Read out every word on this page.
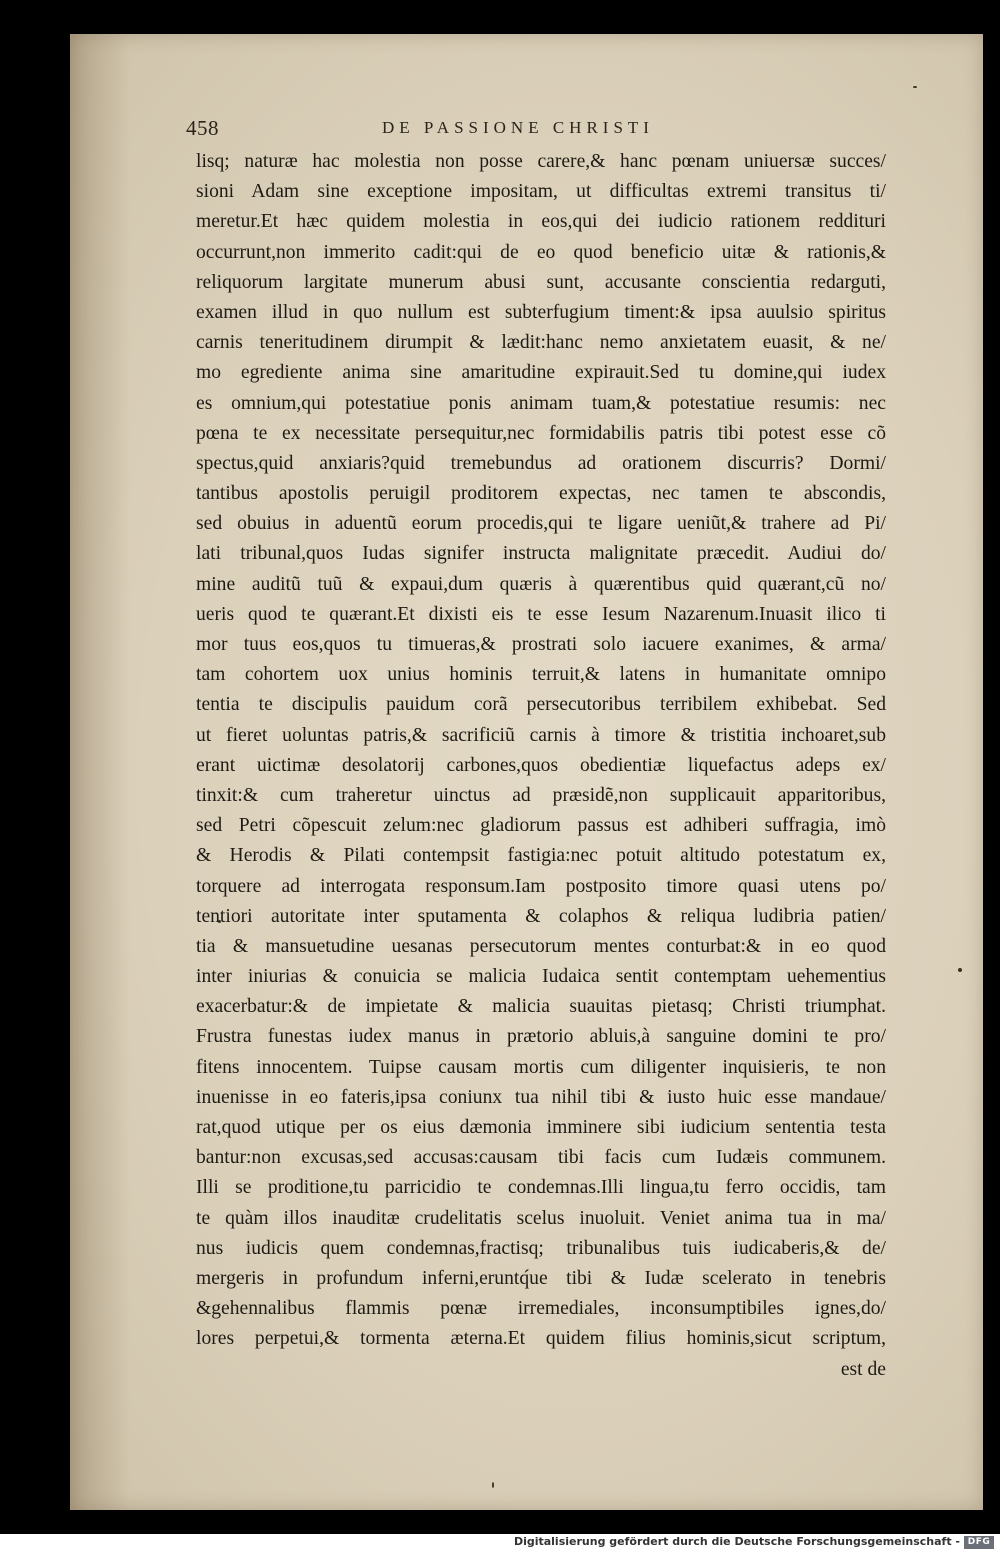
458	DE PASSIONE CHRISTI
lisq; naturæ hac molestia non posse carere,& hanc pœnam uniuersæ succes/
sioni Adam sine exceptione impositam, ut difficultas extremi transitus ti/
meretur.Et hæc quidem molestia in eos,qui dei iudicio rationem reddituri
occurrunt,non immerito cadit:qui de eo quod beneficio uitæ & rationis,&
reliquorum largitate munerum abusi sunt, accusante conscientia redarguti,
examen illud in quo nullum est subterfugium timent:& ipsa auulsio spiritus
carnis teneritudinem dirumpit & lædit:hanc nemo anxietatem euasit, & ne/
mo egrediente anima sine amaritudine expirauit.Sed tu domine,qui iudex
es omnium,qui potestatiue ponis animam tuam,& potestatiue resumis: nec
pœna te ex necessitate persequitur,nec formidabilis patris tibi potest esse cõ
spectus,quid anxiaris?quid tremebundus ad orationem discurris? Dormi/
tantibus apostolis peruigil proditorem expectas, nec tamen te abscondis,
sed obuius in aduentũ eorum procedis,qui te ligare ueniũt,& trahere ad Pi/
lati tribunal,quos Iudas signifer instructa malignitate præcedit. Audiui do/
mine auditũ tuũ & expaui,dum quæris à quærentibus quid quærant,cũ no/
ueris quod te quærant.Et dixisti eis te esse Iesum Nazarenum.Inuasit ilico ti
mor tuus eos,quos tu timueras,& prostrati solo iacuere exanimes, & arma/
tam cohortem uox unius hominis terruit,& latens in humanitate omnipo
tentia te discipulis pauidum corã persecutoribus terribilem exhibebat. Sed
ut fieret uoluntas patris,& sacrificiũ carnis à timore & tristitia inchoaret,sub
erant uictimæ desolatorij carbones,quos obedientiæ liquefactus adeps ex/
tinxit:& cum traheretur uinctus ad præsidẽ,non supplicauit apparitoribus,
sed Petri cõpescuit zelum:nec gladiorum passus est adhiberi suffragia, imò
& Herodis & Pilati contempsit fastigia:nec potuit altitudo potestatum ex,
torquere ad interrogata responsum.Iam postposito timore quasi utens po/
tentiori autoritate inter sputamenta & colaphos & reliqua ludibria patien/
tia & mansuetudine uesanas persecutorum mentes conturbat:& in eo quod
inter iniurias & conuicia se malicia Iudaica sentit contemptam uehementius
exacerbatur:& de impietate & malicia suauitas pietasq; Christi triumphat.
Frustra funestas iudex manus in prætorio abluis,à sanguine domini te pro/
fitens innocentem. Tuipse causam mortis cum diligenter inquisieris, te non
inuenisse in eo fateris,ipsa coniunx tua nihil tibi & iusto huic esse mandaue/
rat,quod utique per os eius dæmonia imminere sibi iudicium sententia testa
bantur:non excusas,sed accusas:causam tibi facis cum Iudæis communem.
Illi se proditione,tu parricidio te condemnas.Illi lingua,tu ferro occidis, tam
te quàm illos inauditæ crudelitatis scelus inuoluit. Veniet anima tua in ma/
nus iudicis quem condemnas,fractisq; tribunalibus tuis iudicaberis,& de/
mergeris in profundum inferni,eruntq́ue tibi & Iudæ scelerato in tenebris
&gehennalibus flammis pœnæ irremediales, inconsumptibiles ignes,do/
lores perpetui,& tormenta æterna.Et quidem filius hominis,sicut scriptum,
est de
Digitalisierung gefördert durch die Deutsche Forschungsgemeinschaft - DFG
